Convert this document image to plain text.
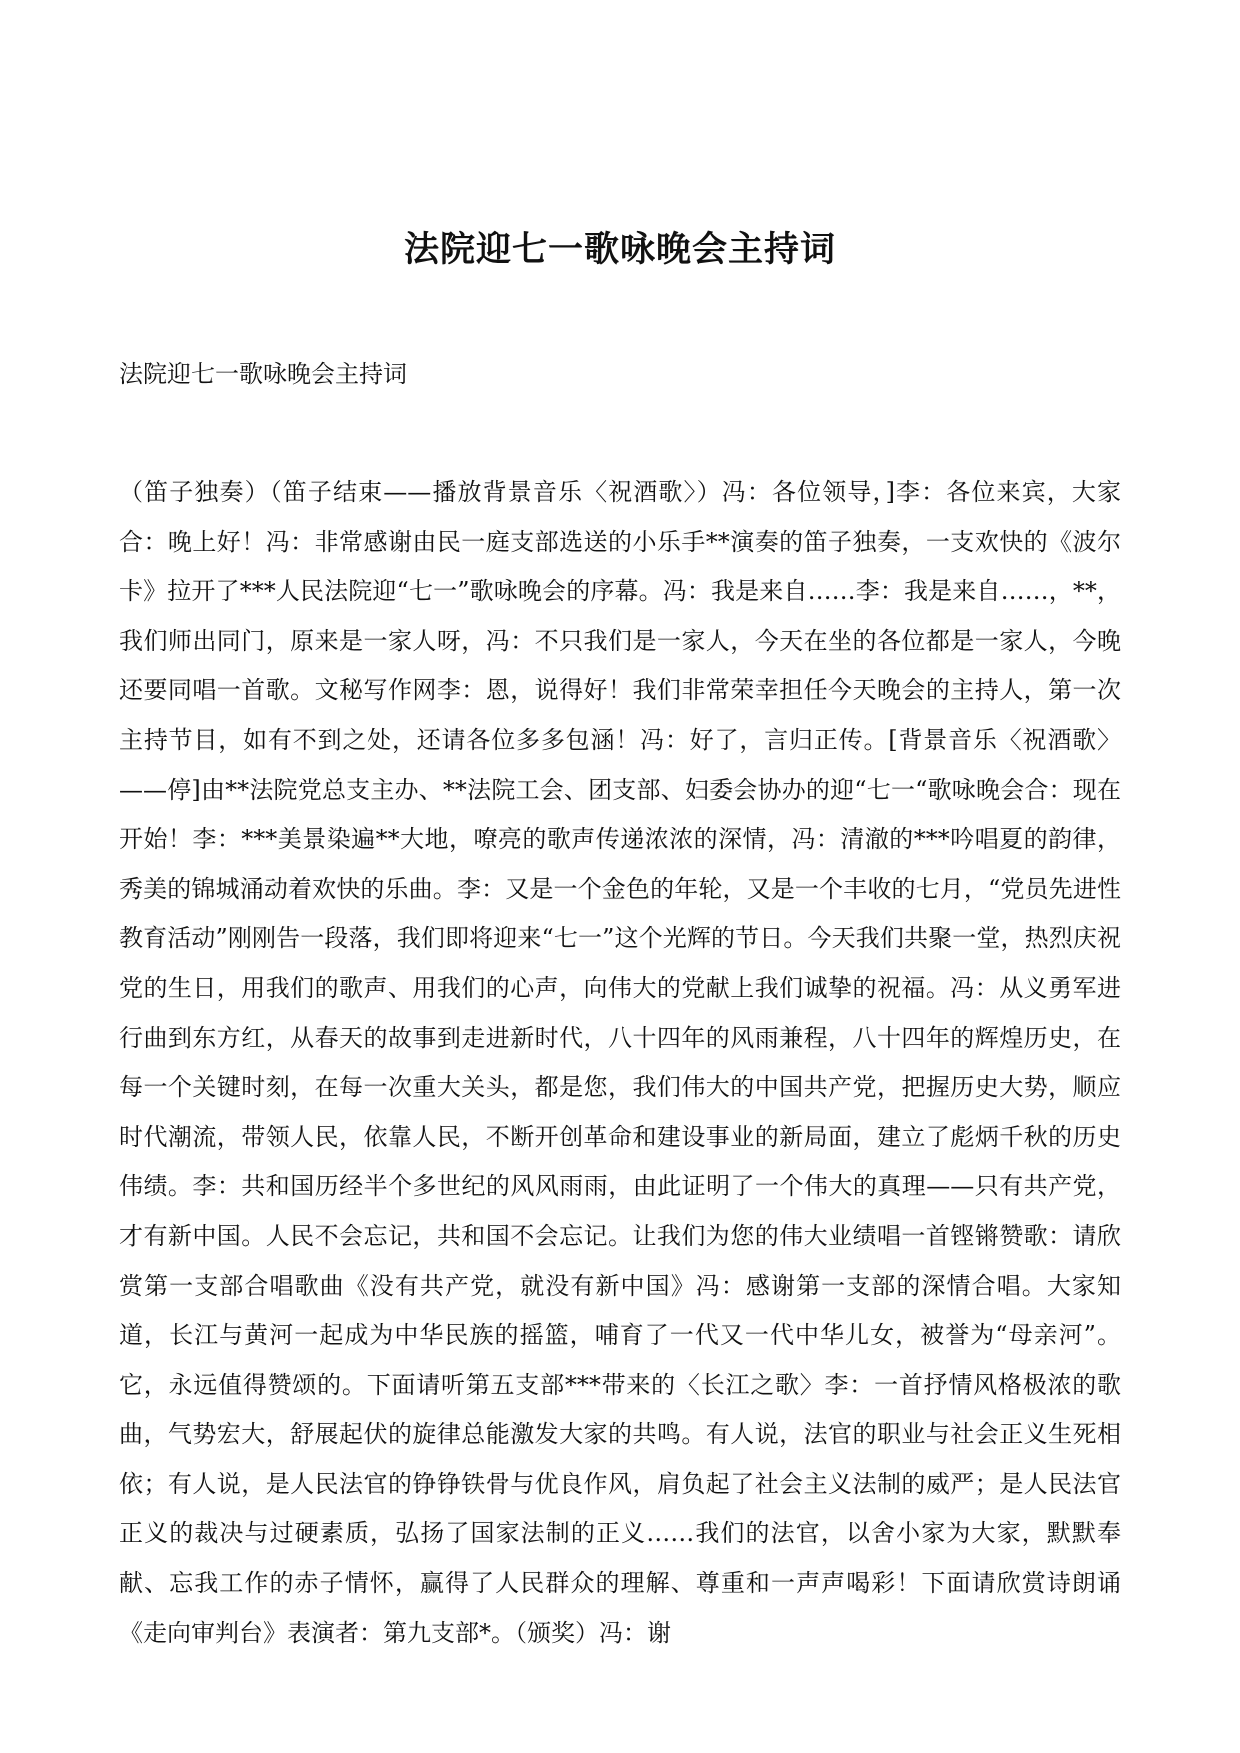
法院迎七一歌咏晚会主持词

法院迎七一歌咏晚会主持词

（笛子独奏）（笛子结束——播放背景音乐〈祝酒歌〉）冯：各位领导，]李：各位来宾，大家合：晚上好！冯：非常感谢由民一庭支部选送的小乐手**演奏的笛子独奏，一支欢快的《波尔卡》拉开了***人民法院迎“七一”歌咏晚会的序幕。冯：我是来自……李：我是来自……，**，我们师出同门，原来是一家人呀，冯：不只我们是一家人，今天在坐的各位都是一家人，今晚还要同唱一首歌。文秘写作网李：恩，说得好！我们非常荣幸担任今天晚会的主持人，第一次主持节目，如有不到之处，还请各位多多包涵！冯：好了，言归正传。[背景音乐〈祝酒歌〉——停]由**法院党总支主办、**法院工会、团支部、妇委会协办的迎“七一“歌咏晚会合：现在开始！李：***美景染遍**大地，嘹亮的歌声传递浓浓的深情，冯：清澈的***吟唱夏的韵律，秀美的锦城涌动着欢快的乐曲。李：又是一个金色的年轮，又是一个丰收的七月，“党员先进性教育活动”刚刚告一段落，我们即将迎来“七一”这个光辉的节日。今天我们共聚一堂，热烈庆祝党的生日，用我们的歌声、用我们的心声，向伟大的党献上我们诚挚的祝福。冯：从义勇军进行曲到东方红，从春天的故事到走进新时代，八十四年的风雨兼程，八十四年的辉煌历史，在每一个关键时刻，在每一次重大关头，都是您，我们伟大的中国共产党，把握历史大势，顺应时代潮流，带领人民，依靠人民，不断开创革命和建设事业的新局面，建立了彪炳千秋的历史伟绩。李：共和国历经半个多世纪的风风雨雨，由此证明了一个伟大的真理——只有共产党，才有新中国。人民不会忘记，共和国不会忘记。让我们为您的伟大业绩唱一首铿锵赞歌：请欣赏第一支部合唱歌曲《没有共产党，就没有新中国》冯：感谢第一支部的深情合唱。大家知道，长江与黄河一起成为中华民族的摇篮，哺育了一代又一代中华儿女，被誉为“母亲河”。它，永远值得赞颂的。下面请听第五支部***带来的〈长江之歌〉李：一首抒情风格极浓的歌曲，气势宏大，舒展起伏的旋律总能激发大家的共鸣。有人说，法官的职业与社会正义生死相依；有人说，是人民法官的铮铮铁骨与优良作风，肩负起了社会主义法制的威严；是人民法官正义的裁决与过硬素质，弘扬了国家法制的正义……我们的法官，以舍小家为大家，默默奉献、忘我工作的赤子情怀，赢得了人民群众的理解、尊重和一声声喝彩！下面请欣赏诗朗诵《走向审判台》表演者：第九支部*。（颁奖）冯：谢
